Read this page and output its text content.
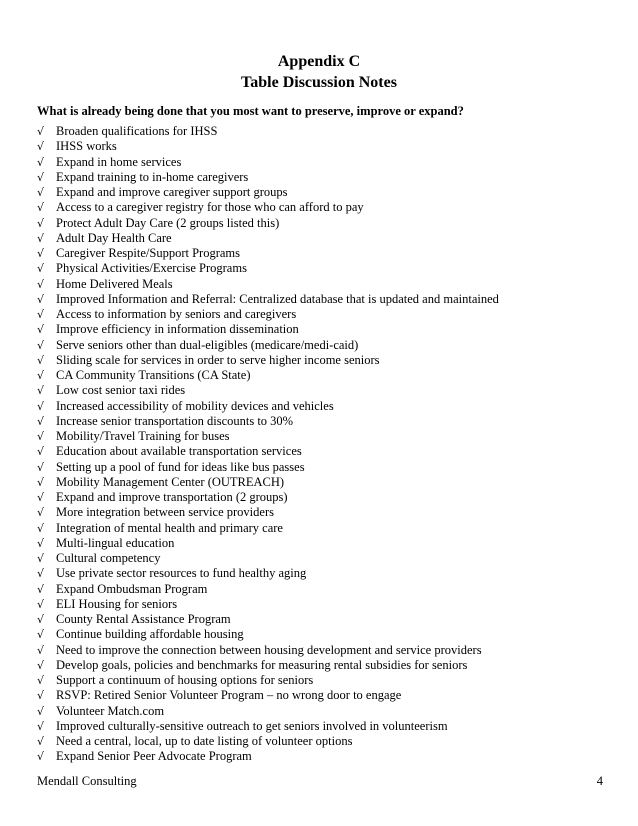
Appendix C
Table Discussion Notes
What is already being done that you most want to preserve, improve or expand?
√ Broaden qualifications for IHSS
√ IHSS works
√ Expand in home services
√ Expand training to in-home caregivers
√ Expand and improve caregiver support groups
√ Access to a caregiver registry for those who can afford to pay
√ Protect Adult Day Care (2 groups listed this)
√ Adult Day Health Care
√ Caregiver Respite/Support Programs
√ Physical Activities/Exercise Programs
√ Home Delivered Meals
√ Improved Information and Referral: Centralized database that is updated and maintained
√ Access to information by seniors and caregivers
√ Improve efficiency in information dissemination
√ Serve seniors other than dual-eligibles (medicare/medi-caid)
√ Sliding scale for services in order to serve higher income seniors
√ CA Community Transitions (CA State)
√ Low cost senior taxi rides
√ Increased accessibility of mobility devices and vehicles
√ Increase senior transportation discounts to 30%
√ Mobility/Travel Training for buses
√ Education about available transportation services
√ Setting up a pool of fund for ideas like bus passes
√ Mobility Management Center (OUTREACH)
√ Expand and improve transportation (2 groups)
√ More integration between service providers
√ Integration of mental health and primary care
√ Multi-lingual education
√ Cultural competency
√ Use private sector resources to fund healthy aging
√ Expand Ombudsman Program
√ ELI Housing for seniors
√ County Rental Assistance Program
√ Continue building affordable housing
√ Need to improve the connection between housing development and service providers
√ Develop goals, policies and benchmarks for measuring rental subsidies for seniors
√ Support a continuum of housing options for seniors
√ RSVP: Retired Senior Volunteer Program – no wrong door to engage
√ Volunteer Match.com
√ Improved culturally-sensitive outreach to get seniors involved in volunteerism
√ Need a central, local, up to date listing of volunteer options
√ Expand Senior Peer Advocate Program
Mendall Consulting	4
